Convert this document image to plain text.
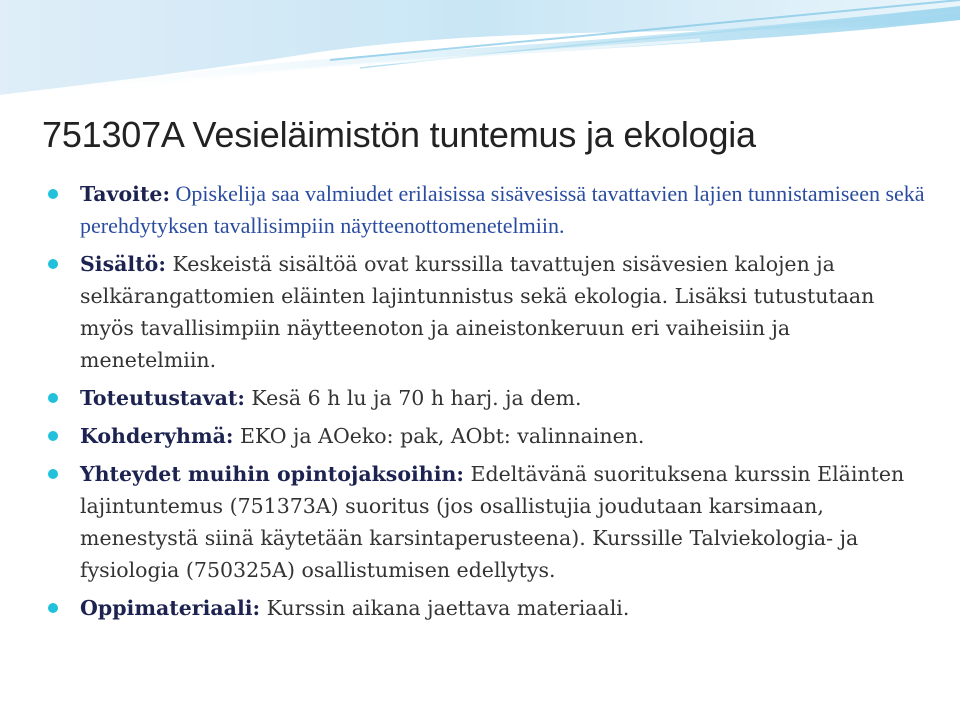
751307A Vesieläimistön tuntemus ja ekologia
Tavoite: Opiskelija saa valmiudet erilaisissa sisävesissä tavattavien lajien tunnistamiseen sekä perehdytyksen tavallisimpiin näytteenottomenetelmiin.
Sisältö: Keskeistä sisältöä ovat kurssilla tavattujen sisävesien kalojen ja selkärangattomien eläinten lajintunnistus sekä ekologia. Lisäksi tutustutaan myös tavallisimpiin näytteenoton ja aineistonkeruun eri vaiheisiin ja menetelmiin.
Toteutustavat: Kesä 6 h lu ja 70 h harj. ja dem.
Kohderyhmä: EKO ja AOeko: pak, AObt: valinnainen.
Yhteydet muihin opintojaksoihin: Edeltävänä suorituksena kurssin Eläinten lajintuntemus (751373A) suoritus (jos osallistujia joudutaan karsimaan, menestystä siinä käytetään karsintaperusteena). Kurssille Talviekologia- ja fysiologia (750325A) osallistumisen edellytys.
Oppimateriaali: Kurssin aikana jaettava materiaali.
